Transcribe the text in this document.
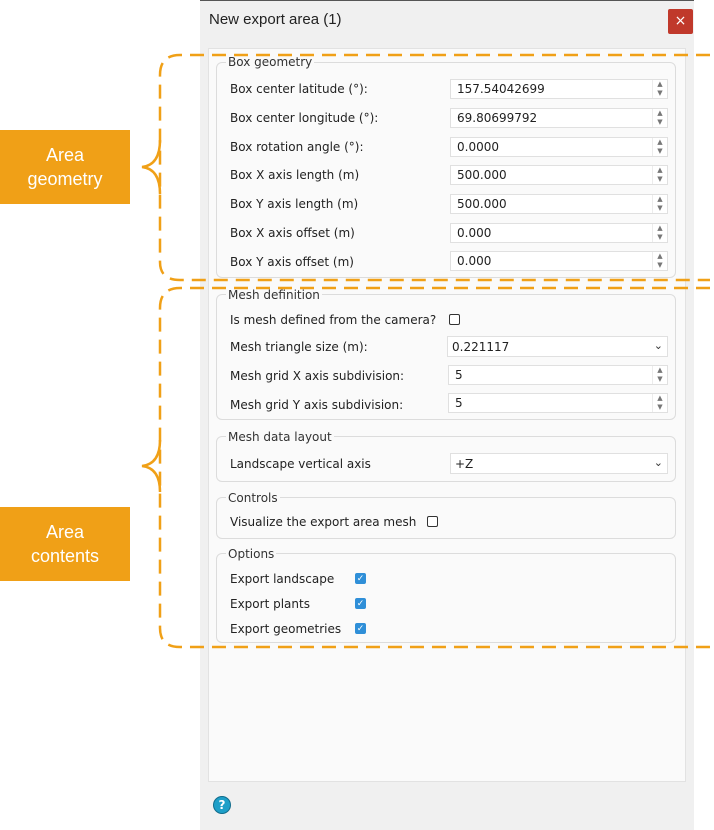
New export area (1)	×
Box geometry
Box center latitude (°):	157.54042699	▲
▼
Box center longitude (°):	69.80699792	▲
▼
Box rotation angle (°):	0.0000	▲
▼
Box X axis length (m)	500.000	▲
▼
Box Y axis length (m)	500.000	▲
▼
Box X axis offset (m)	0.000	▲
▼
Box Y axis offset (m)	0.000	▲
▼
Mesh definition
Is mesh defined from the camera?
Mesh triangle size (m):	0.221117	⌄
Mesh grid X axis subdivision:	5	▲
▼
Mesh grid Y axis subdivision:	5	▲
▼
Mesh data layout
Landscape vertical axis	+Z	⌄
Controls
Visualize the export area mesh
Options
Export landscape	✓
Export plants	✓
Export geometries ✓
?
Area
geometry
Area
contents
